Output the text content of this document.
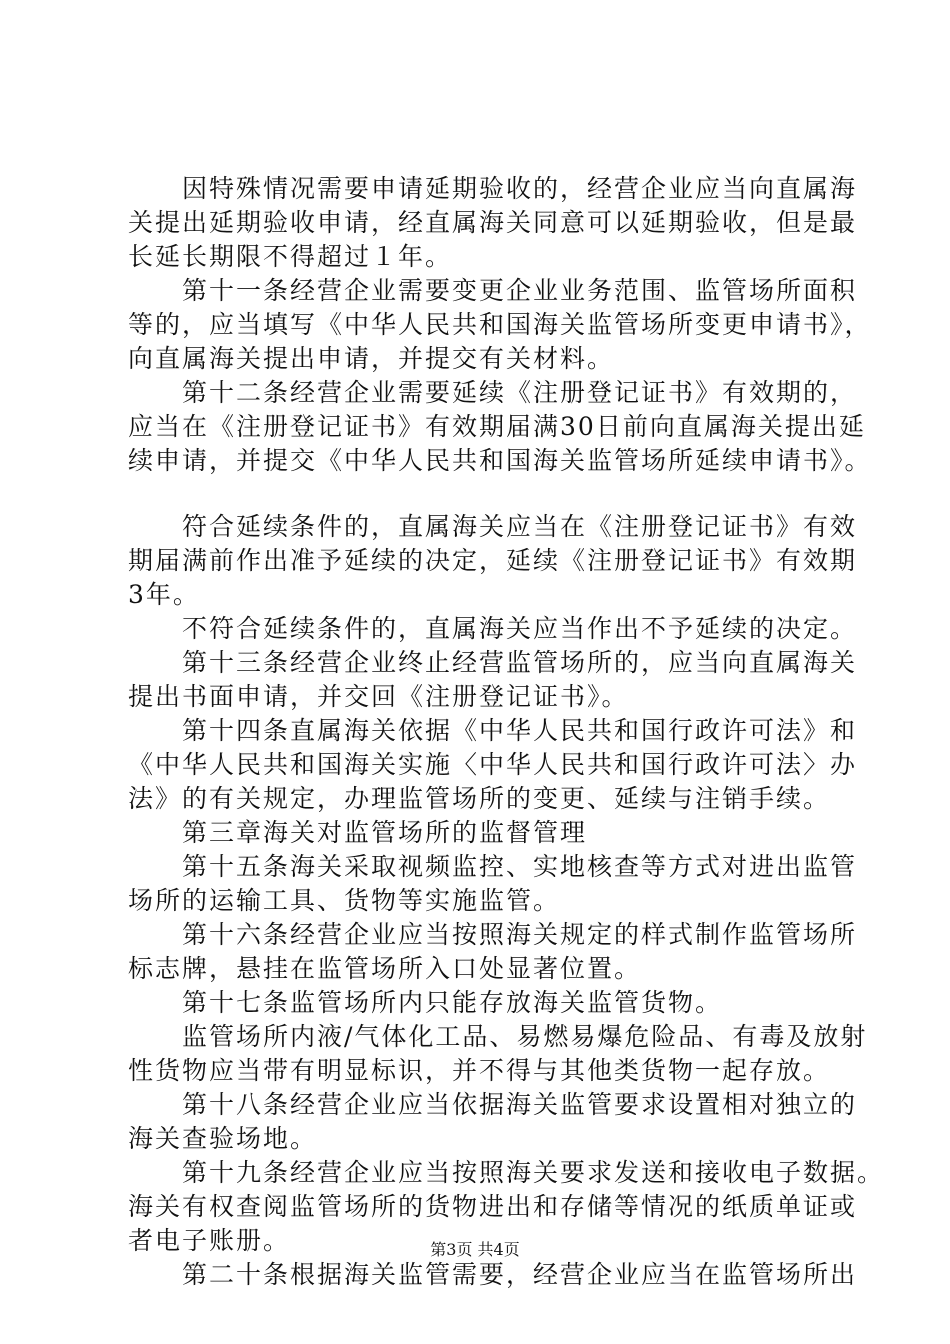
因特殊情况需要申请延期验收的，经营企业应当向直属海
关提出延期验收申请，经直属海关同意可以延期验收，但是最
长延长期限不得超过１年。
第十一条经营企业需要变更企业业务范围、监管场所面积
等的，应当填写《中华人民共和国海关监管场所变更申请书》，
向直属海关提出申请，并提交有关材料。
第十二条经营企业需要延续《注册登记证书》有效期的，
应当在《注册登记证书》有效期届满30日前向直属海关提出延
续申请，并提交《中华人民共和国海关监管场所延续申请书》。
符合延续条件的，直属海关应当在《注册登记证书》有效
期届满前作出准予延续的决定，延续《注册登记证书》有效期
3年。
不符合延续条件的，直属海关应当作出不予延续的决定。
第十三条经营企业终止经营监管场所的，应当向直属海关
提出书面申请，并交回《注册登记证书》。
第十四条直属海关依据《中华人民共和国行政许可法》和
《中华人民共和国海关实施〈中华人民共和国行政许可法〉办
法》的有关规定，办理监管场所的变更、延续与注销手续。
第三章海关对监管场所的监督管理
第十五条海关采取视频监控、实地核查等方式对进出监管
场所的运输工具、货物等实施监管。
第十六条经营企业应当按照海关规定的样式制作监管场所
标志牌，悬挂在监管场所入口处显著位置。
第十七条监管场所内只能存放海关监管货物。
监管场所内液/气体化工品、易燃易爆危险品、有毒及放射
性货物应当带有明显标识，并不得与其他类货物一起存放。
第十八条经营企业应当依据海关监管要求设置相对独立的
海关查验场地。
第十九条经营企业应当按照海关要求发送和接收电子数据。
海关有权查阅监管场所的货物进出和存储等情况的纸质单证或
者电子账册。
第二十条根据海关监管需要，经营企业应当在监管场所出
第3页 共4页
